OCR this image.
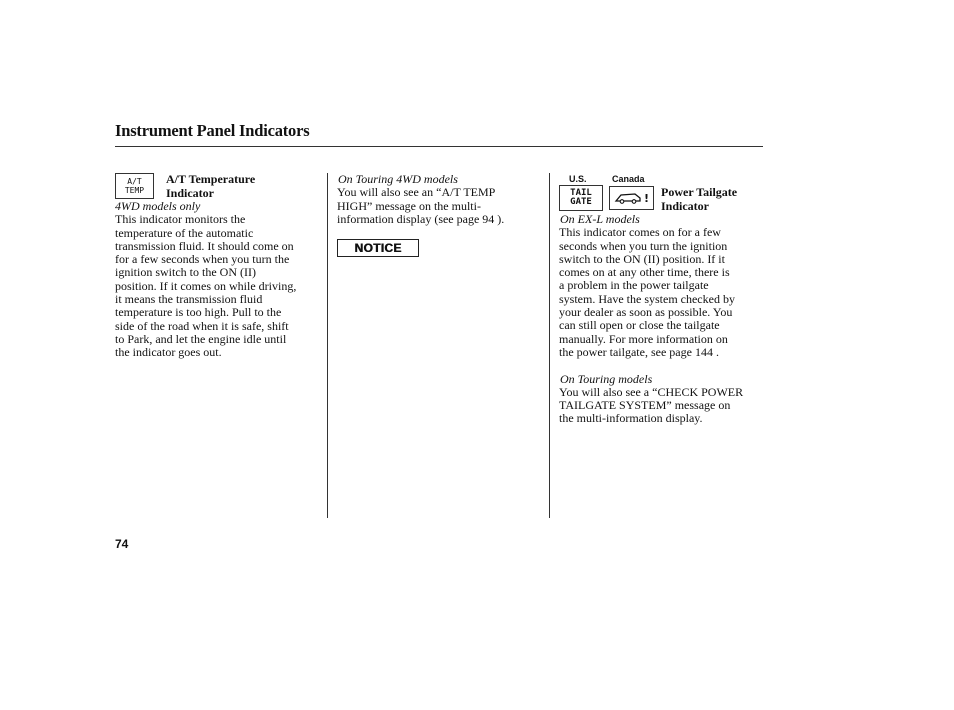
Instrument Panel Indicators
A/T
TEMP
A/T Temperature
Indicator

4WD models only

This indicator monitors the
temperature of the automatic
transmission fluid. It should come on
for a few seconds when you turn the
ignition switch to the ON (II)
position. If it comes on while driving,
it means the transmission fluid
temperature is too high. Pull to the
side of the road when it is safe, shift
to Park, and let the engine idle until
the indicator goes out.

On Touring 4WD models

You will also see an “A/T TEMP
HIGH” message on the multi-
information display (see page 94 ).
NOTICE
U.S.	Canada
TAIL
GATE	! Power Tailgate
Indicator

On EX-L models

This indicator comes on for a few
seconds when you turn the ignition
switch to the ON (II) position. If it
comes on at any other time, there is
a problem in the power tailgate
system. Have the system checked by
your dealer as soon as possible. You
can still open or close the tailgate
manually. For more information on
the power tailgate, see page 144 .

On Touring models

You will also see a “CHECK POWER
TAILGATE SYSTEM” message on
the multi-information display.
74
